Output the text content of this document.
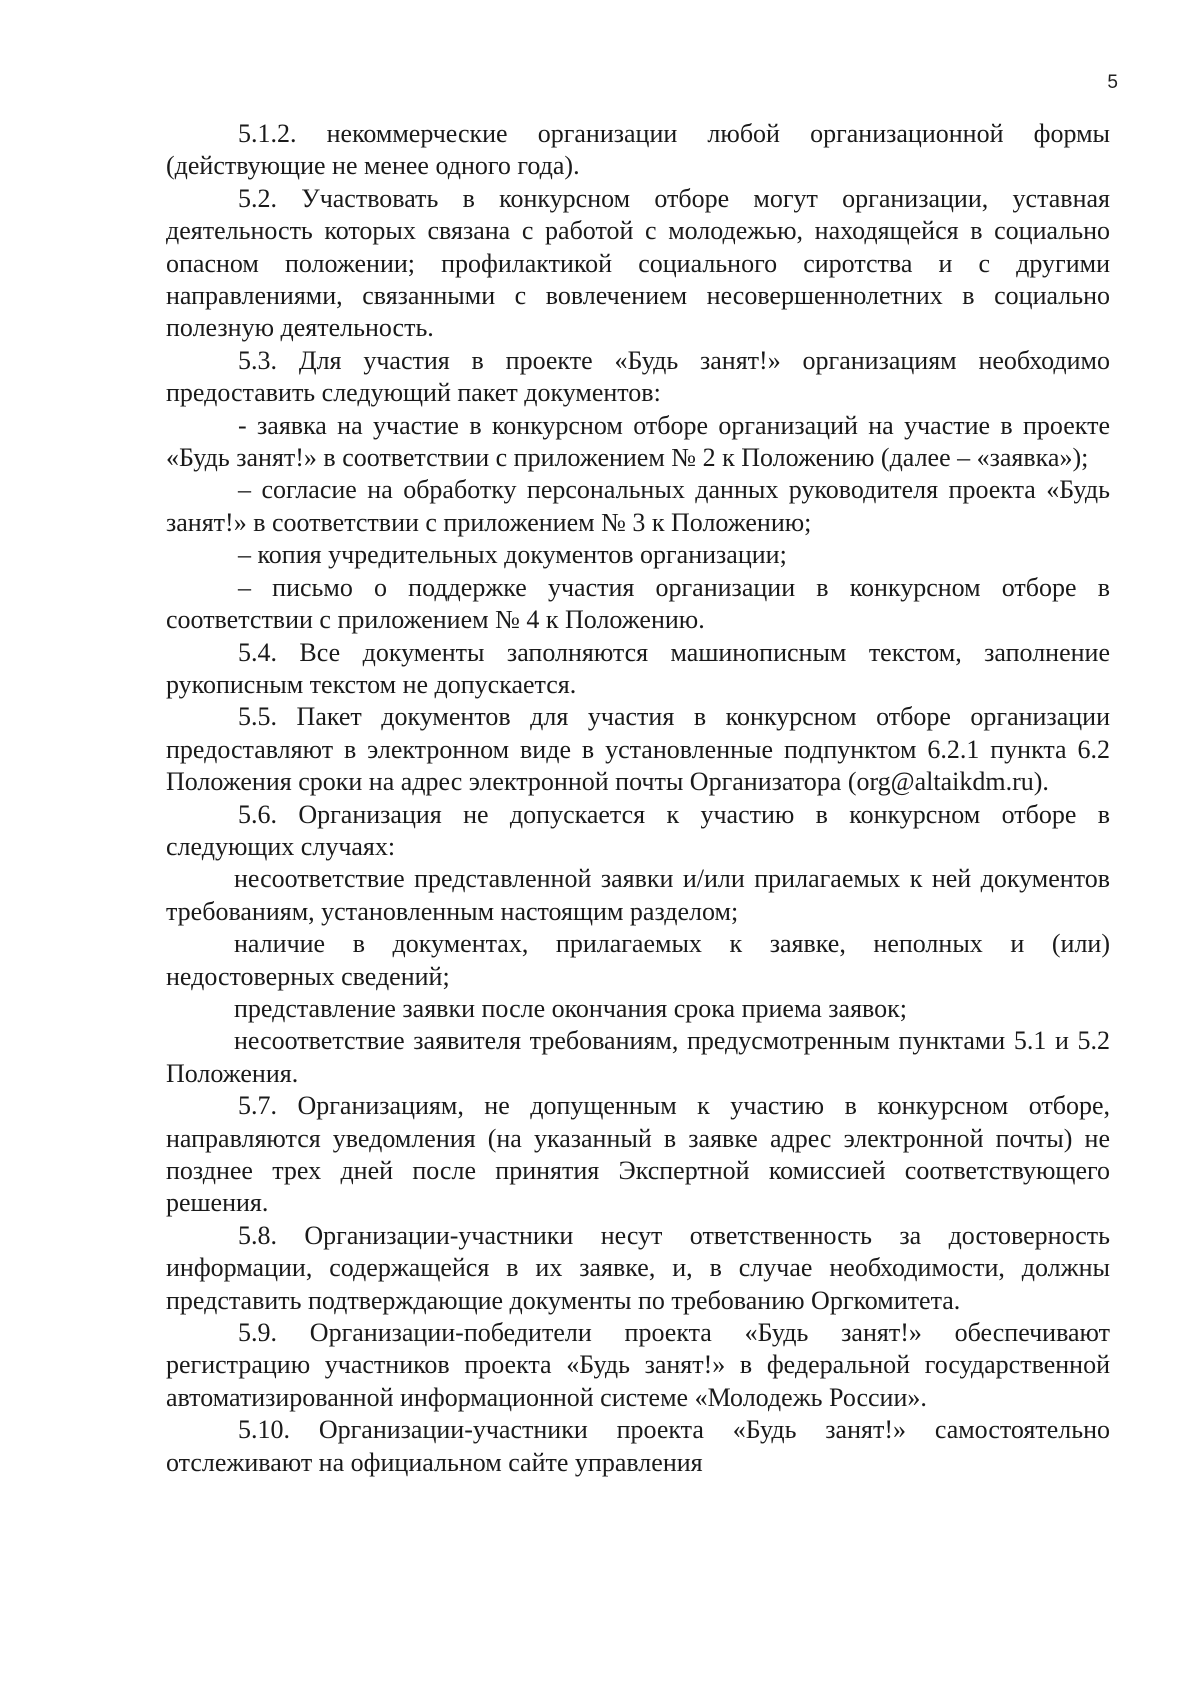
5

5.1.2. некоммерческие организации любой организационной формы (действующие не менее одного года).

5.2. Участвовать в конкурсном отборе могут организации, уставная деятельность которых связана с работой с молодежью, находящейся в социально опасном положении; профилактикой социального сиротства и с другими направлениями, связанными с вовлечением несовершеннолетних в социально полезную деятельность.

5.3. Для участия в проекте «Будь занят!» организациям необходимо предоставить следующий пакет документов:

- заявка на участие в конкурсном отборе организаций на участие в проекте «Будь занят!» в соответствии с приложением № 2 к Положению (далее – «заявка»);

– согласие на обработку персональных данных руководителя проекта «Будь занят!» в соответствии с приложением № 3 к Положению;

– копия учредительных документов организации;

– письмо о поддержке участия организации в конкурсном отборе в соответствии с приложением № 4 к Положению.

5.4. Все документы заполняются машинописным текстом, заполнение рукописным текстом не допускается.

5.5. Пакет документов для участия в конкурсном отборе организации предоставляют в электронном виде в установленные подпунктом 6.2.1 пункта 6.2 Положения сроки на адрес электронной почты Организатора (org@altaikdm.ru).

5.6. Организация не допускается к участию в конкурсном отборе в следующих случаях:

несоответствие представленной заявки и/или прилагаемых к ней документов требованиям, установленным настоящим разделом;

наличие в документах, прилагаемых к заявке, неполных и (или) недостоверных сведений;

представление заявки после окончания срока приема заявок;

несоответствие заявителя требованиям, предусмотренным пунктами 5.1 и 5.2 Положения.

5.7. Организациям, не допущенным к участию в конкурсном отборе, направляются уведомления (на указанный в заявке адрес электронной почты) не позднее трех дней после принятия Экспертной комиссией соответствующего решения.

5.8. Организации-участники несут ответственность за достоверность информации, содержащейся в их заявке, и, в случае необходимости, должны представить подтверждающие документы по требованию Оргкомитета.

5.9. Организации-победители проекта «Будь занят!» обеспечивают регистрацию участников проекта «Будь занят!» в федеральной государственной автоматизированной информационной системе «Молодежь России».

5.10. Организации-участники проекта «Будь занят!» самостоятельно отслеживают на официальном сайте управления
